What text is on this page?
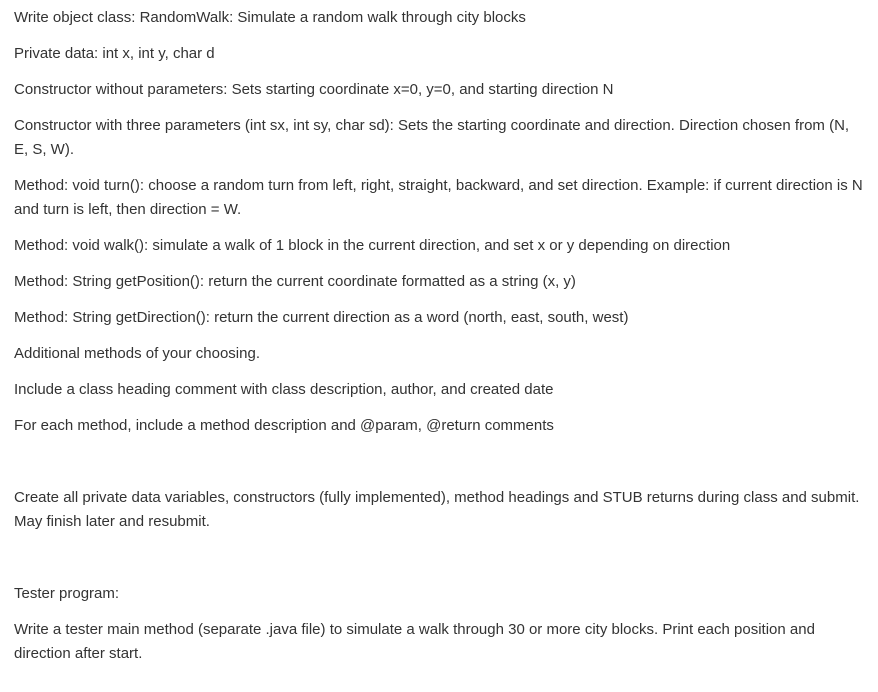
Write object class: RandomWalk: Simulate a random walk through city blocks

Private data: int x, int y, char d

Constructor without parameters: Sets starting coordinate x=0, y=0, and starting direction N

Constructor with three parameters (int sx, int sy, char sd): Sets the starting coordinate and direction. Direction chosen from (N, E, S, W).

Method: void turn(): choose a random turn from left, right, straight, backward, and set direction. Example: if current direction is N and turn is left, then direction = W.

Method: void walk(): simulate a walk of 1 block in the current direction, and set x or y depending on direction

Method: String getPosition(): return the current coordinate formatted as a string (x, y)

Method: String getDirection(): return the current direction as a word (north, east, south, west)

Additional methods of your choosing.

Include a class heading comment with class description, author, and created date

For each method, include a method description and @param, @return comments

Create all private data variables, constructors (fully implemented), method headings and STUB returns during class and submit. May finish later and resubmit.

Tester program:

Write a tester main method (separate .java file) to simulate a walk through 30 or more city blocks. Print each position and direction after start.
